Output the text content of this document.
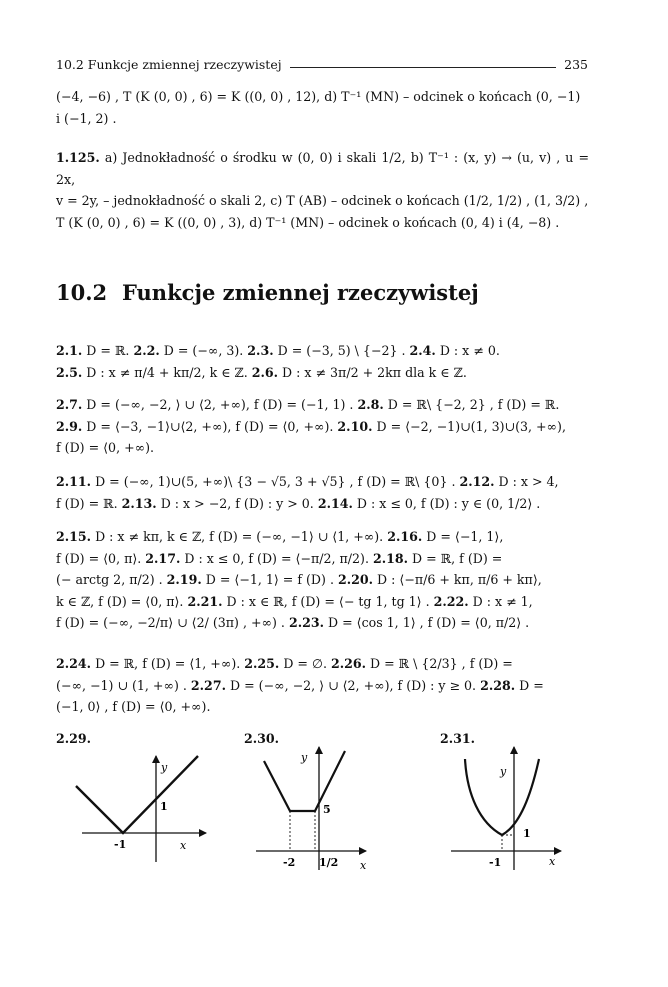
10.2 Funkcje zmiennej rzeczywistej	235

(−4, −6) , T (K (0, 0) , 6) = K ((0, 0) , 12), d) T⁻¹ (MN) – odcinek o końcach (0, −1)

i (−1, 2) .

1.125. a) Jednokładność o środku w (0, 0) i skali 1/2, b) T⁻¹ : (x, y) → (u, v) , u = 2x,

v = 2y, – jednokładność o skali 2, c) T (AB) – odcinek o końcach (1/2, 1/2) , (1, 3/2) ,

T (K (0, 0) , 6) = K ((0, 0) , 3), d) T⁻¹ (MN) – odcinek o końcach (0, 4) i (4, −8) .

10.2 Funkcje zmiennej rzeczywistej

2.1. D = ℝ. 2.2. D = (−∞, 3). 2.3. D = (−3, 5) \ {−2} . 2.4. D : x ≠ 0.

2.5. D : x ≠ π/4 + kπ/2, k ∈ ℤ. 2.6. D : x ≠ 3π/2 + 2kπ dla k ∈ ℤ.

2.7. D = (−∞, −2, ⟩ ∪ ⟨2, +∞), f (D) = (−1, 1) . 2.8. D = ℝ\ {−2, 2} , f (D) = ℝ.

2.9. D = ⟨−3, −1⟩∪⟨2, +∞), f (D) = ⟨0, +∞). 2.10. D = ⟨−2, −1)∪(1, 3)∪(3, +∞),

f (D) = ⟨0, +∞).

2.11. D = (−∞, 1)∪(5, +∞)\ {3 − √5, 3 + √5} , f (D) = ℝ\ {0} . 2.12. D : x > 4,

f (D) = ℝ. 2.13. D : x > −2, f (D) : y > 0. 2.14. D : x ≤ 0, f (D) : y ∈ (0, 1/2⟩ .

2.15. D : x ≠ kπ, k ∈ ℤ, f (D) = (−∞, −1⟩ ∪ ⟨1, +∞). 2.16. D = ⟨−1, 1⟩,

f (D) = ⟨0, π⟩. 2.17. D : x ≤ 0, f (D) = ⟨−π/2, π/2). 2.18. D = ℝ, f (D) =

(− arctg 2, π/2) . 2.19. D = ⟨−1, 1⟩ = f (D) . 2.20. D : ⟨−π/6 + kπ, π/6 + kπ⟩,

k ∈ ℤ, f (D) = ⟨0, π⟩. 2.21. D : x ∈ ℝ, f (D) = ⟨− tg 1, tg 1⟩ . 2.22. D : x ≠ 1,

f (D) = (−∞, −2/π⟩ ∪ ⟨2/ (3π) , +∞) . 2.23. D = ⟨cos 1, 1⟩ , f (D) = ⟨0, π/2⟩ .

2.24. D = ℝ, f (D) = ⟨1, +∞). 2.25. D = ∅. 2.26. D = ℝ \ {2/3} , f (D) =

(−∞, −1) ∪ (1, +∞) . 2.27. D = (−∞, −2, ⟩ ∪ ⟨2, +∞), f (D) : y ≥ 0. 2.28. D =

(−1, 0⟩ , f (D) = ⟨0, +∞).

2.29.	2.30.	2.31.
y
x
1
-1
y
x
5
-2 1/2
y
x
1
-1
